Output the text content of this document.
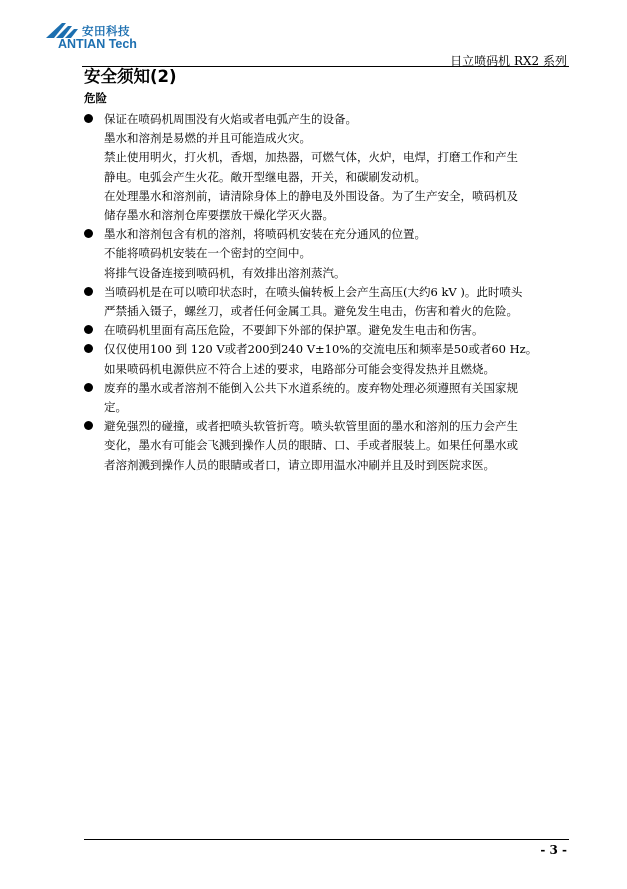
安田科技
ANTIAN Tech
日立喷码机 RX2 系列
安全须知(2)
危险
保证在喷码机周围没有火焰或者电弧产生的设备。
墨水和溶剂是易燃的并且可能造成火灾。
禁止使用明火，打火机，香烟，加热器，可燃气体，火炉，电焊，打磨工作和产生
静电。电弧会产生火花。敞开型继电器，开关，和碳刷发动机。
在处理墨水和溶剂前，请清除身体上的静电及外围设备。为了生产安全，喷码机及
储存墨水和溶剂仓库要摆放干燥化学灭火器。
墨水和溶剂包含有机的溶剂，将喷码机安装在充分通风的位置。
不能将喷码机安装在一个密封的空间中。
将排气设备连接到喷码机，有效排出溶剂蒸汽。
当喷码机是在可以喷印状态时，在喷头偏转板上会产生高压(大约6 kV )。此时喷头
严禁插入镊子，螺丝刀，或者任何金属工具。避免发生电击，伤害和着火的危险。
在喷码机里面有高压危险，不要卸下外部的保护罩。避免发生电击和伤害。
仅仅使用100 到 120 V或者200到240 V±10%的交流电压和频率是50或者60 Hz。
如果喷码机电源供应不符合上述的要求，电路部分可能会变得发热并且燃烧。
废弃的墨水或者溶剂不能倒入公共下水道系统的。废弃物处理必须遵照有关国家规
定。
避免强烈的碰撞，或者把喷头软管折弯。喷头软管里面的墨水和溶剂的压力会产生
变化，墨水有可能会飞溅到操作人员的眼睛、口、手或者服装上。如果任何墨水或
者溶剂溅到操作人员的眼睛或者口，请立即用温水冲刷并且及时到医院求医。
- 3 -
